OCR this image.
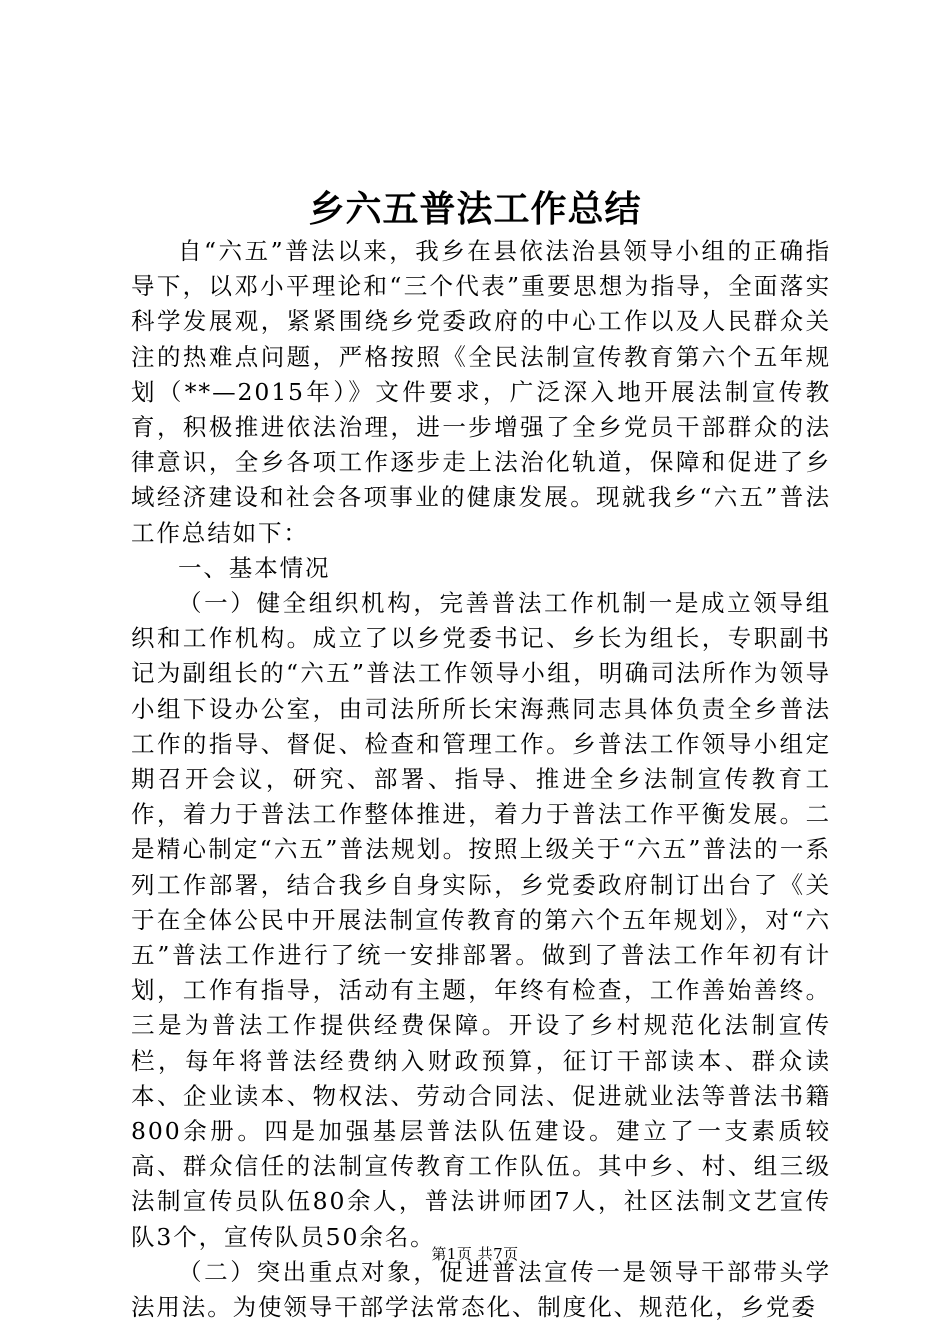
乡六五普法工作总结

自“六五”普法以来，我乡在县依法治县领导小组的正确指导下，以邓小平理论和“三个代表”重要思想为指导，全面落实科学发展观，紧紧围绕乡党委政府的中心工作以及人民群众关注的热难点问题，严格按照《全民法制宣传教育第六个五年规划（**—2015年）》文件要求，广泛深入地开展法制宣传教育，积极推进依法治理，进一步增强了全乡党员干部群众的法律意识，全乡各项工作逐步走上法治化轨道，保障和促进了乡域经济建设和社会各项事业的健康发展。现就我乡“六五”普法工作总结如下：

一、基本情况

（一）健全组织机构，完善普法工作机制一是成立领导组织和工作机构。成立了以乡党委书记、乡长为组长，专职副书记为副组长的“六五”普法工作领导小组，明确司法所作为领导小组下设办公室，由司法所所长宋海燕同志具体负责全乡普法工作的指导、督促、检查和管理工作。乡普法工作领导小组定期召开会议，研究、部署、指导、推进全乡法制宣传教育工作，着力于普法工作整体推进，着力于普法工作平衡发展。二是精心制定“六五”普法规划。按照上级关于“六五”普法的一系列工作部署，结合我乡自身实际，乡党委政府制订出台了《关于在全体公民中开展法制宣传教育的第六个五年规划》，对“六五”普法工作进行了统一安排部署。做到了普法工作年初有计划，工作有指导，活动有主题，年终有检查，工作善始善终。三是为普法工作提供经费保障。开设了乡村规范化法制宣传栏，每年将普法经费纳入财政预算，征订干部读本、群众读本、企业读本、物权法、劳动合同法、促进就业法等普法书籍800余册。四是加强基层普法队伍建设。建立了一支素质较高、群众信任的法制宣传教育工作队伍。其中乡、村、组三级法制宣传员队伍80余人，普法讲师团7人，社区法制文艺宣传队3个，宣传队员50余名。

（二）突出重点对象，促进普法宣传一是领导干部带头学法用法。为使领导干部学法常态化、制度化、规范化，乡党委

第1页 共7页
